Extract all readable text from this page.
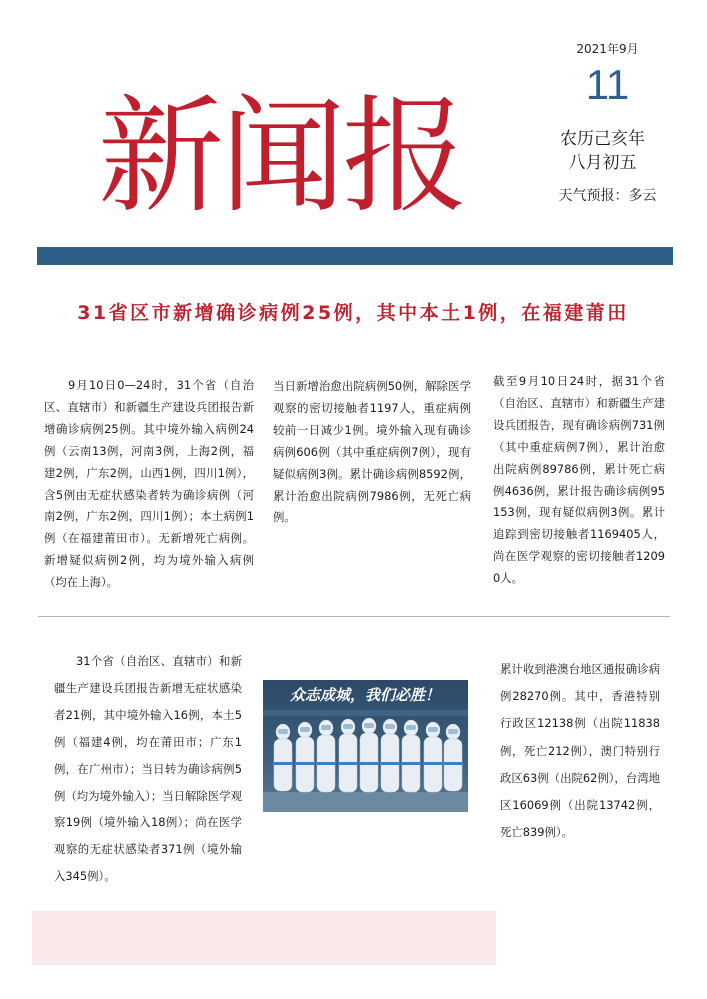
新闻报
2021年9月
11
农历己亥年
八月初五
天气预报：多云
31省区市新增确诊病例25例，其中本土1例，在福建莆田
9月10日0—24时，31个省（自治区、直辖市）和新疆生产建设兵团报告新增确诊病例25例。其中境外输入病例24例（云南13例，河南3例，上海2例，福建2例，广东2例，山西1例，四川1例），含5例由无症状感染者转为确诊病例（河南2例，广东2例，四川1例）；本土病例1例（在福建莆田市）。无新增死亡病例。新增疑似病例2例，均为境外输入病例（均在上海）。
当日新增治愈出院病例50例，解除医学观察的密切接触者1197人，重症病例较前一日减少1例。境外输入现有确诊病例606例（其中重症病例7例），现有疑似病例3例。累计确诊病例8592例，累计治愈出院病例7986例，无死亡病例。
截至9月10日24时，据31个省（自治区、直辖市）和新疆生产建设兵团报告，现有确诊病例731例（其中重症病例7例），累计治愈出院病例89786例，累计死亡病例4636例，累计报告确诊病例95153例，现有疑似病例3例。累计追踪到密切接触者1169405人，尚在医学观察的密切接触者12090人。
31个省（自治区、直辖市）和新疆生产建设兵团报告新增无症状感染者21例，其中境外输入16例，本土5例（福建4例，均在莆田市；广东1例，在广州市）；当日转为确诊病例5例（均为境外输入）；当日解除医学观察19例（境外输入18例）；尚在医学观察的无症状感染者371例（境外输入345例）。
众志成城，我们必胜！
累计收到港澳台地区通报确诊病例28270例。其中，香港特别行政区12138例（出院11838例，死亡212例），澳门特别行政区63例（出院62例），台湾地区16069例（出院13742例，死亡839例）。
